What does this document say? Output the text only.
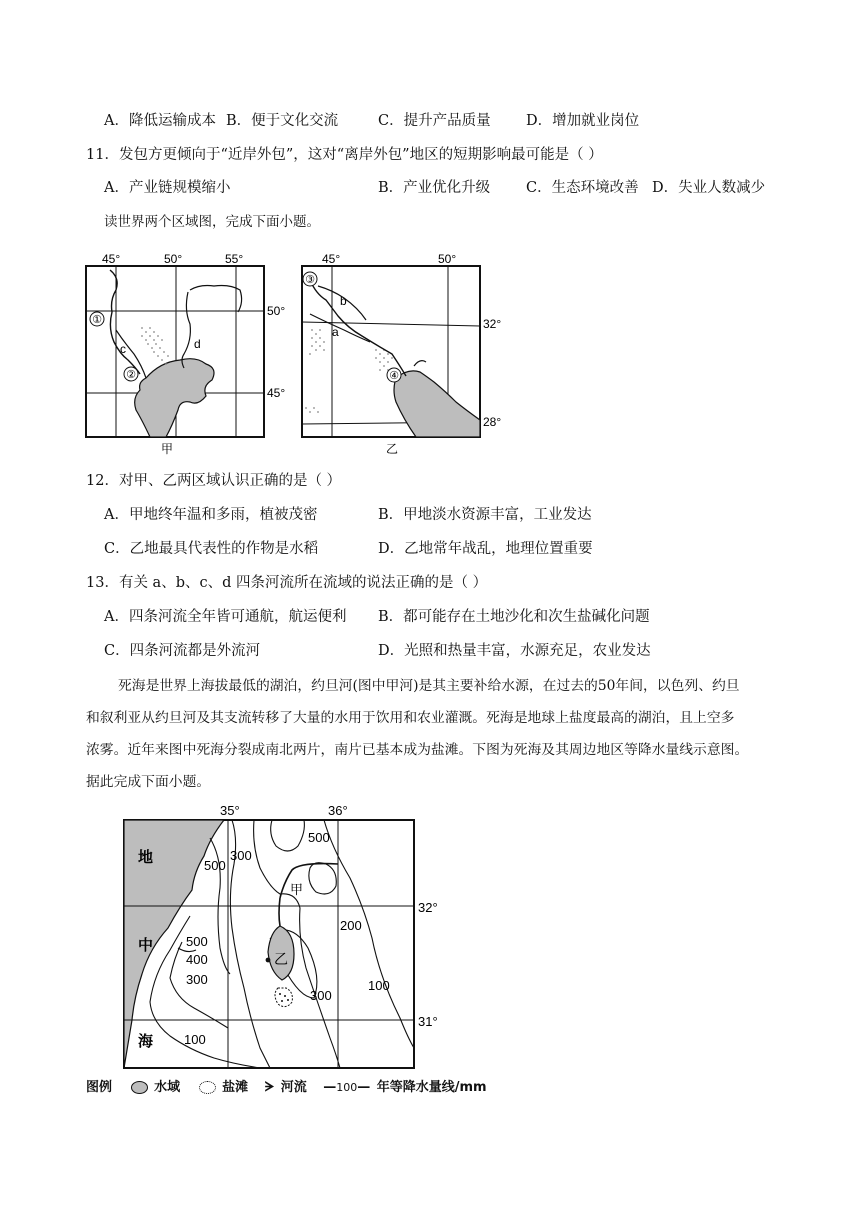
A．降低运输成本 B．便于文化交流	C．提升产品质量 D．增加就业岗位
11．发包方更倾向于“近岸外包”，这对“离岸外包”地区的短期影响最可能是（ ）
A．产业链规模缩小	B．产业优化升级 C．生态环境改善 D．失业人数减少
读世界两个区域图，完成下面小题。
①
②
c	d
45°	50°	55°
50°
45°
甲
③
④
a
b
45°	50°
32°
28°
乙
12．对甲、乙两区域认识正确的是（ ）
A．甲地终年温和多雨，植被茂密	B．甲地淡水资源丰富，工业发达
C．乙地最具代表性的作物是水稻	D．乙地常年战乱，地理位置重要
13．有关 a、b、c、d 四条河流所在流域的说法正确的是（ ）
A．四条河流全年皆可通航，航运便利 B．都可能存在土地沙化和次生盐碱化问题
C．四条河流都是外流河	D．光照和热量丰富，水源充足，农业发达
死海是世界上海拔最低的湖泊，约旦河(图中甲河)是其主要补给水源，在过去的50年间，以色列、约旦
和叙利亚从约旦河及其支流转移了大量的水用于饮用和农业灌溉。死海是地球上盐度最高的湖泊，且上空多
浓雾。近年来图中死海分裂成南北两片，南片已基本成为盐滩。下图为死海及其周边地区等降水量线示意图。
据此完成下面小题。
35°	36°
32°
31°
地
中
海
500
300
500
500
400
300
200
300
100
100
甲
乙
图例	水域	盐滩 ᗒ 河流 —100— 年等降水量线/mm
